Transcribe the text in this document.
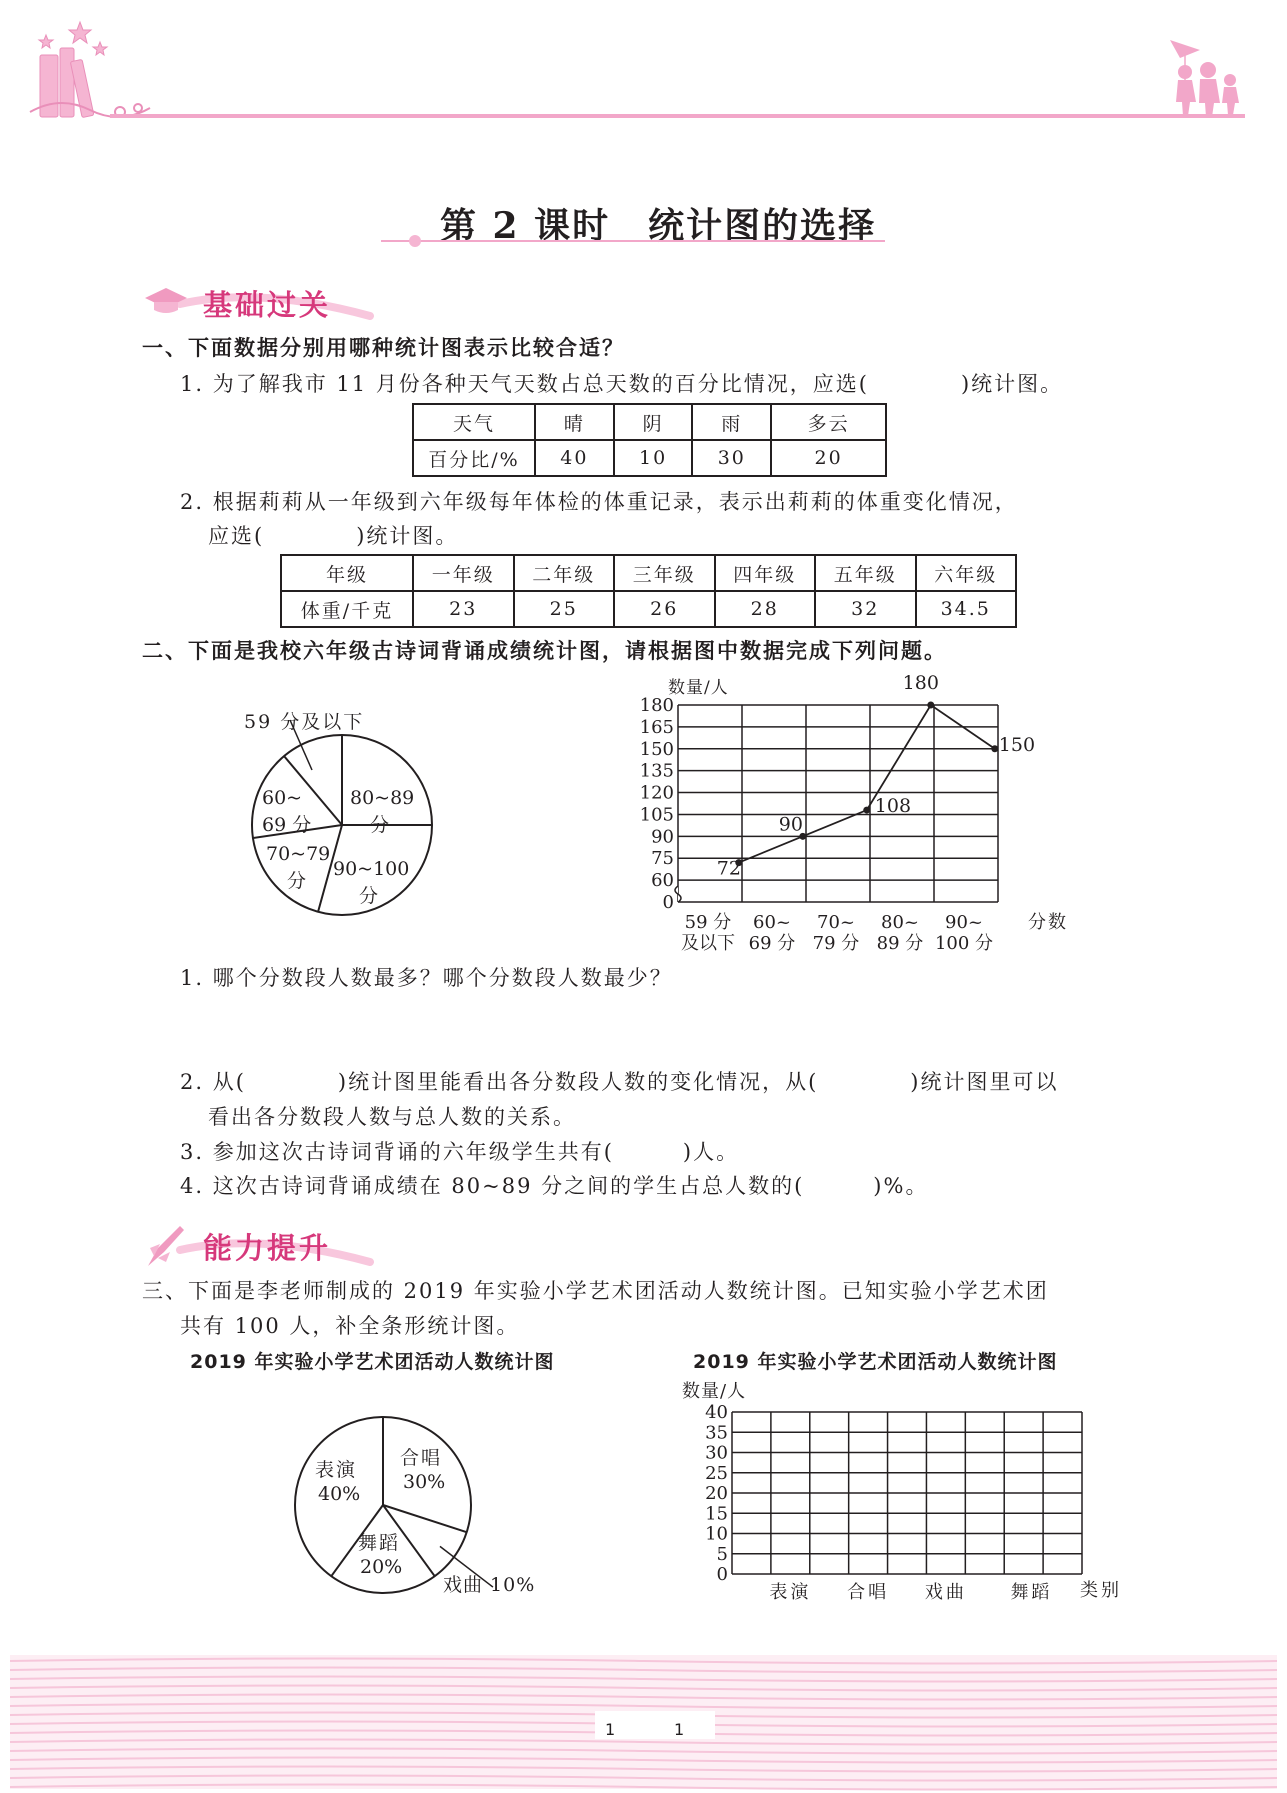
第 2 课时　统计图的选择
基础过关
一、下面数据分别用哪种统计图表示比较合适？
1. 为了解我市 11 月份各种天气天数占总天数的百分比情况，应选(　　　　)统计图。
天气	晴	阴	雨	多云
百分比/%	40	10	30	20
2. 根据莉莉从一年级到六年级每年体检的体重记录，表示出莉莉的体重变化情况，
应选(　　　　)统计图。
年级	一年级	二年级	三年级	四年级	五年级	六年级
体重/千克	23	25	26	28	32	34.5
二、下面是我校六年级古诗词背诵成绩统计图，请根据图中数据完成下列问题。
59 分及以下
60~
69 分
80~89
分
70~79
分
90~100
分	0
60
75
90
105
120
135
150
165
180
数量/人
59 分
及以下
60~
69 分
70~
79 分
80~
89 分
90~
100 分
分数
72
90
108
180
150
1. 哪个分数段人数最多？哪个分数段人数最少？
2. 从(　　　　)统计图里能看出各分数段人数的变化情况，从(　　　　)统计图里可以
看出各分数段人数与总人数的关系。
3. 参加这次古诗词背诵的六年级学生共有(　　　)人。
4. 这次古诗词背诵成绩在 80~89 分之间的学生占总人数的(　　　)%。
能力提升
三、下面是李老师制成的 2019 年实验小学艺术团活动人数统计图。已知实验小学艺术团
共有 100 人，补全条形统计图。
2019 年实验小学艺术团活动人数统计图	2019 年实验小学艺术团活动人数统计图
表演
40%
合唱
30%
舞蹈
20%
戏曲 10%	0
5
10
15
20
25
30
35
40
数量/人
表演 合唱 戏曲 舞蹈 类别
1	1
